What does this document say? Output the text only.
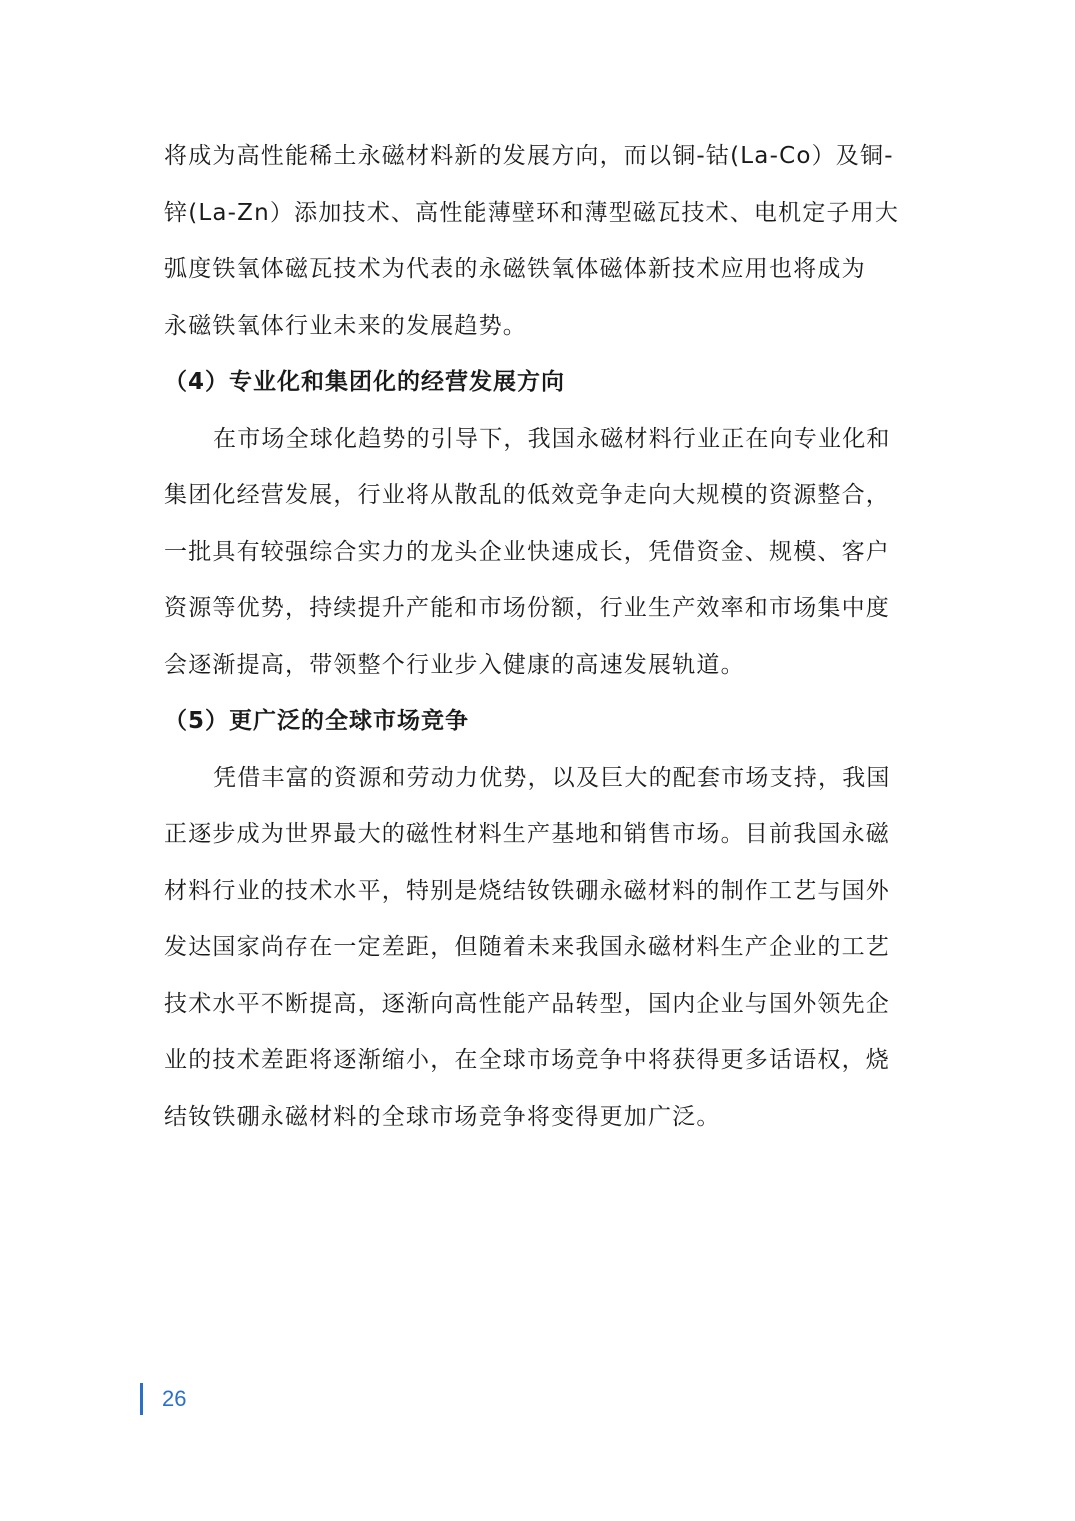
将成为高性能稀土永磁材料新的发展方向，而以铜-钴(La-Co）及铜-
锌(La-Zn）添加技术、高性能薄壁环和薄型磁瓦技术、电机定子用大
弧度铁氧体磁瓦技术为代表的永磁铁氧体磁体新技术应用也将成为
永磁铁氧体行业未来的发展趋势。
（4）专业化和集团化的经营发展方向
在市场全球化趋势的引导下，我国永磁材料行业正在向专业化和
集团化经营发展，行业将从散乱的低效竞争走向大规模的资源整合，
一批具有较强综合实力的龙头企业快速成长，凭借资金、规模、客户
资源等优势，持续提升产能和市场份额，行业生产效率和市场集中度
会逐渐提高，带领整个行业步入健康的高速发展轨道。
（5）更广泛的全球市场竞争
凭借丰富的资源和劳动力优势，以及巨大的配套市场支持，我国
正逐步成为世界最大的磁性材料生产基地和销售市场。目前我国永磁
材料行业的技术水平，特别是烧结钕铁硼永磁材料的制作工艺与国外
发达国家尚存在一定差距，但随着未来我国永磁材料生产企业的工艺
技术水平不断提高，逐渐向高性能产品转型，国内企业与国外领先企
业的技术差距将逐渐缩小，在全球市场竞争中将获得更多话语权，烧
结钕铁硼永磁材料的全球市场竞争将变得更加广泛。
26
